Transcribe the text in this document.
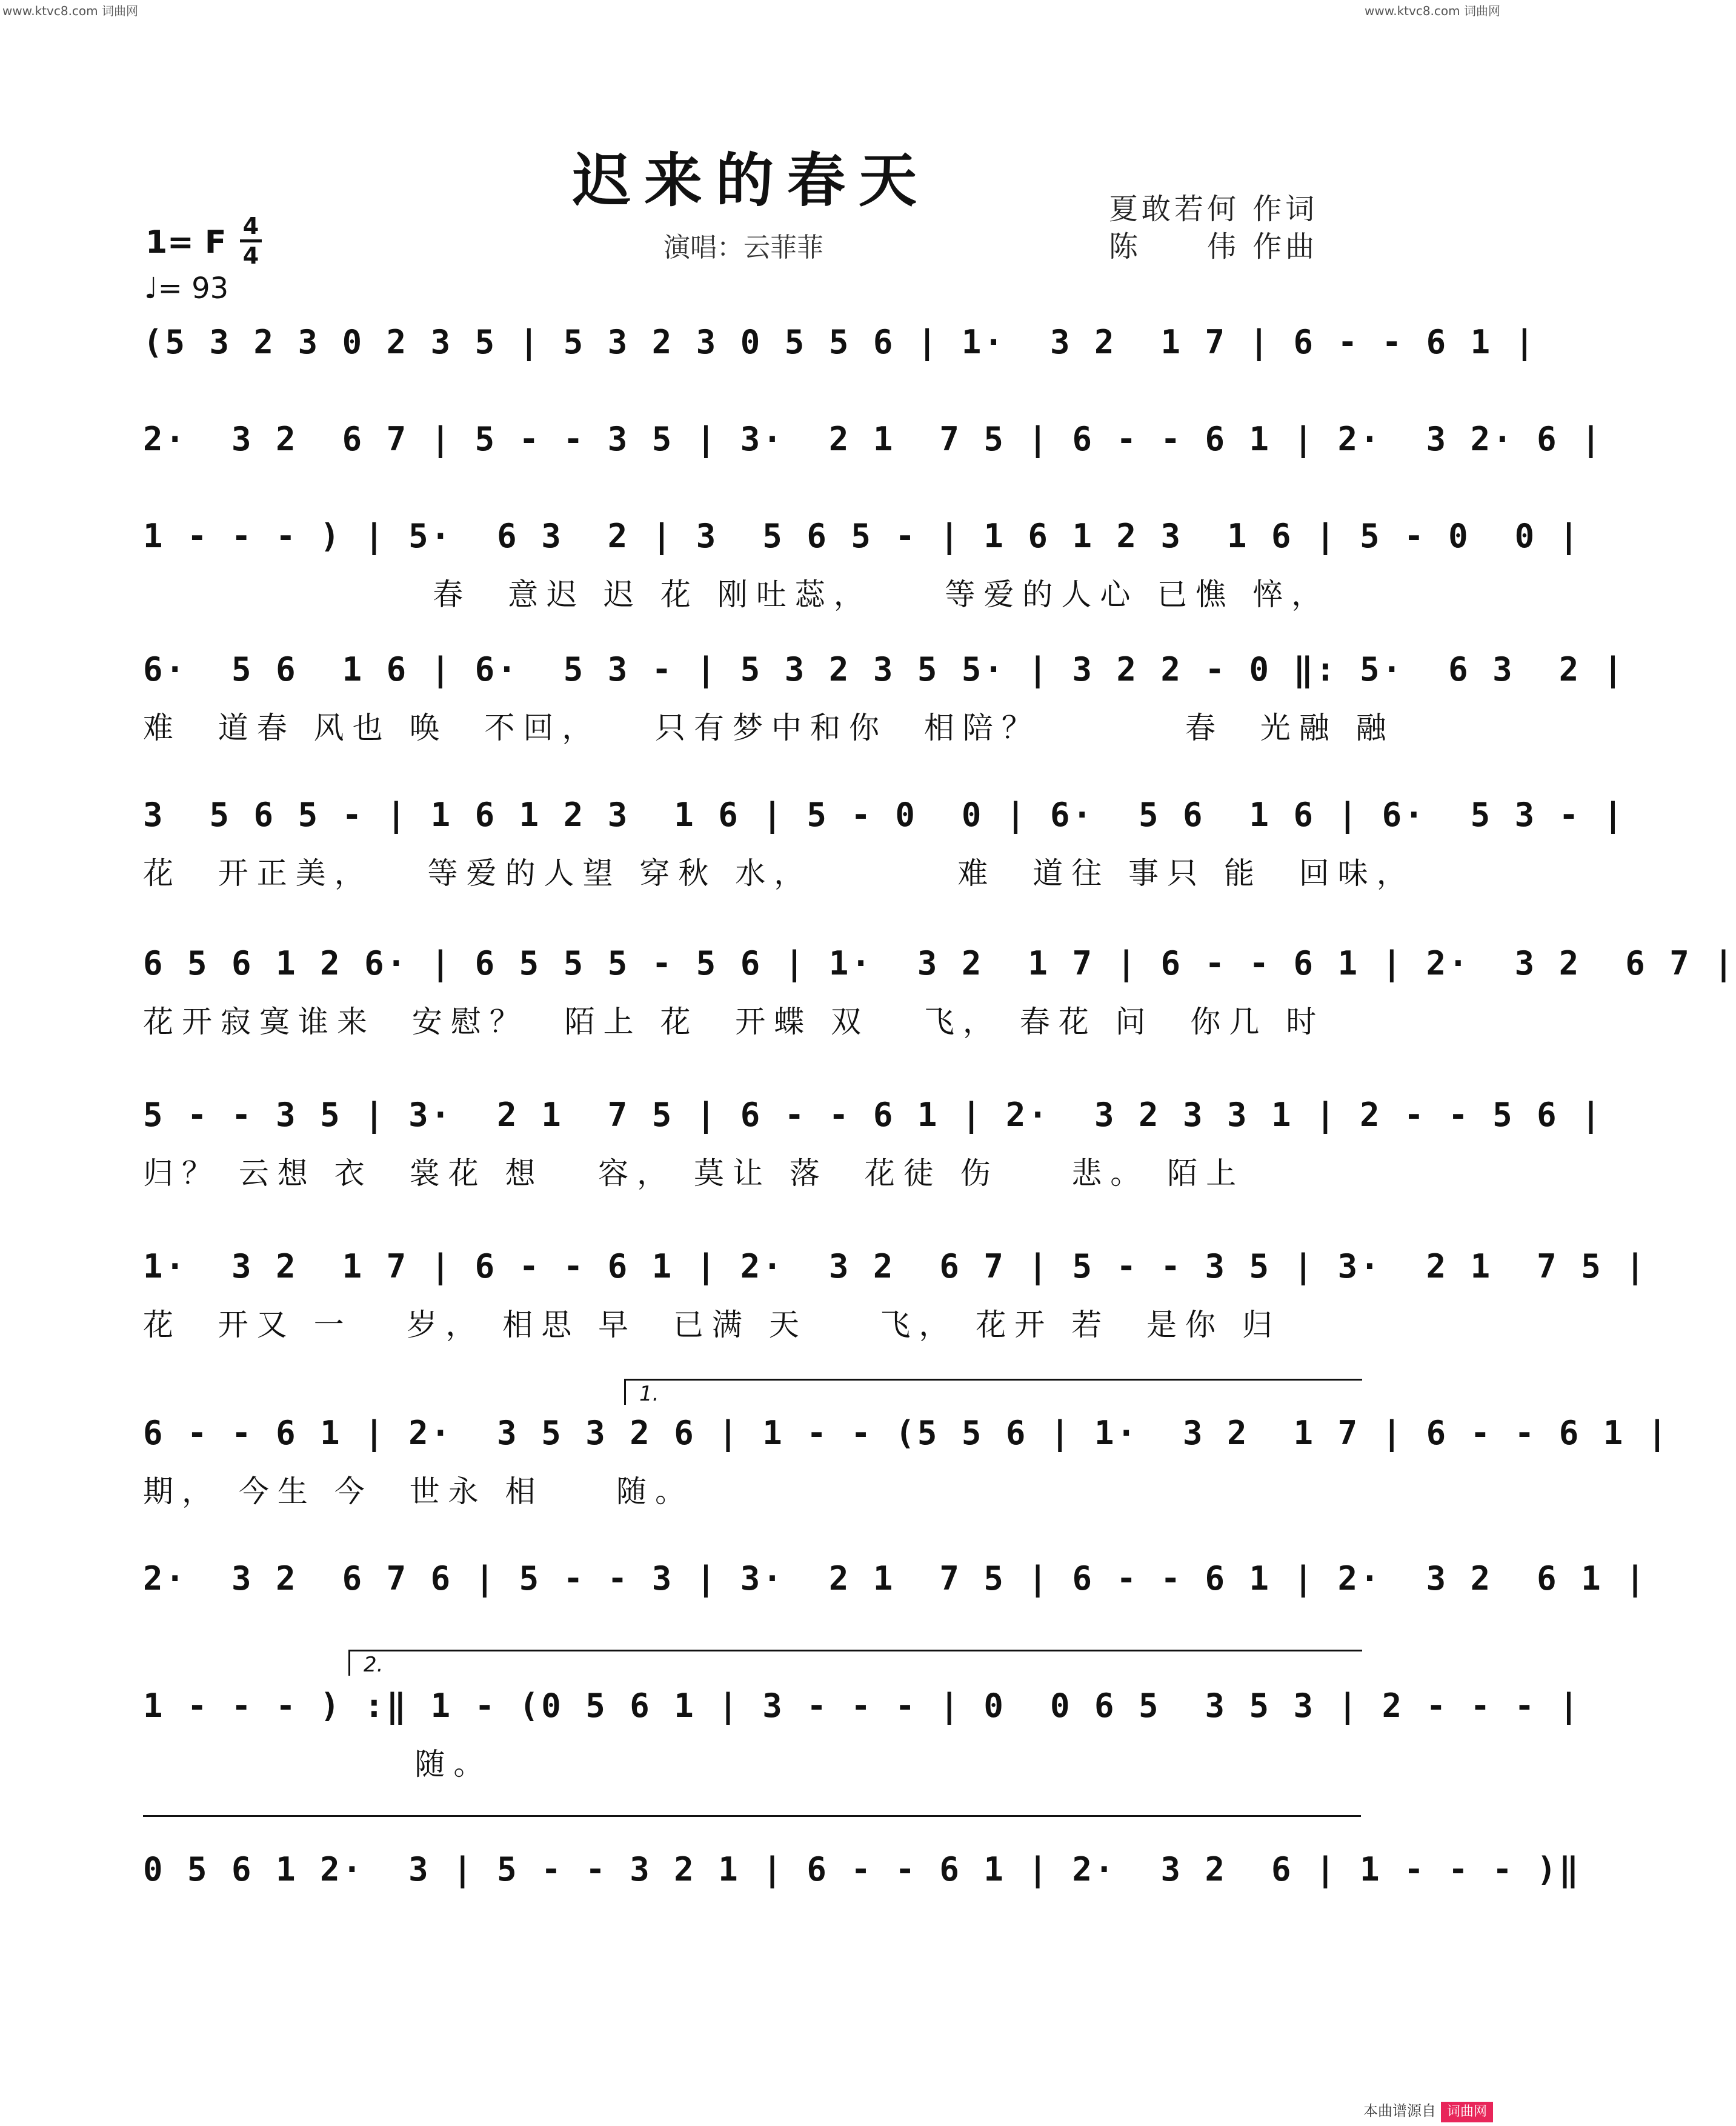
www.ktvc8.com 词曲网	www.ktvc8.com 词曲网
迟来的春天
演唱：云菲菲
夏敢若何 作词
陈　　伟 作曲
1= F 4
4
♩= 93
(5 3 2 3 0 2 3 5 | 5 3 2 3 0 5 5 6 | 1·  3 2  1 7 | 6 - - 6 1 |
2·  3 2  6 7 | 5 - - 3 5 | 3·  2 1  7 5 | 6 - - 6 1 | 2·  3 2· 6 |
1 - - - ) | 5·  6 3  2 | 3  5 6 5 - | 1 6 1 2 3  1 6 | 5 - 0  0 |
春  意迟 迟 花 刚吐蕊，    等爱的人心 已憔 悴，
6·  5 6  1 6 | 6·  5 3 - | 5 3 2 3 5 5· | 3 2 2 - 0 ‖: 5·  6 3  2 |
难  道春 风也 唤  不回，   只有梦中和你  相陪？        春  光融 融
3  5 6 5 - | 1 6 1 2 3  1 6 | 5 - 0  0 | 6·  5 6  1 6 | 6·  5 3 - |
花  开正美，   等爱的人望 穿秋 水，        难  道往 事只 能  回味，
6 5 6 1 2 6· | 6 5 5 5 - 5 6 | 1·  3 2  1 7 | 6 - - 6 1 | 2·  3 2  6 7 |
花开寂寞谁来  安慰？  陌上 花  开蝶 双   飞， 春花 问  你几 时
5 - - 3 5 | 3·  2 1  7 5 | 6 - - 6 1 | 2·  3 2 3 3 1 | 2 - - 5 6 |
归？ 云想 衣  裳花 想   容， 莫让 落  花徒 伤    悲。 陌上
1·  3 2  1 7 | 6 - - 6 1 | 2·  3 2  6 7 | 5 - - 3 5 | 3·  2 1  7 5 |
花  开又 一   岁， 相思 早  已满 天    飞， 花开 若  是你 归
1.
6 - - 6 1 | 2·  3 5 3 2 6 | 1 - - (5 5 6 | 1·  3 2  1 7 | 6 - - 6 1 |
期， 今生 今  世永 相    随。
2·  3 2  6 7 6 | 5 - - 3 | 3·  2 1  7 5 | 6 - - 6 1 | 2·  3 2  6 1 |
2.
1 - - - ) :‖ 1 - (0 5 6 1 | 3 - - - | 0  0 6 5  3 5 3 | 2 - - - |
随。
0 5 6 1 2·  3 | 5 - - 3 2 1 | 6 - - 6 1 | 2·  3 2  6 | 1 - - - )‖
本曲谱源自 词曲网
